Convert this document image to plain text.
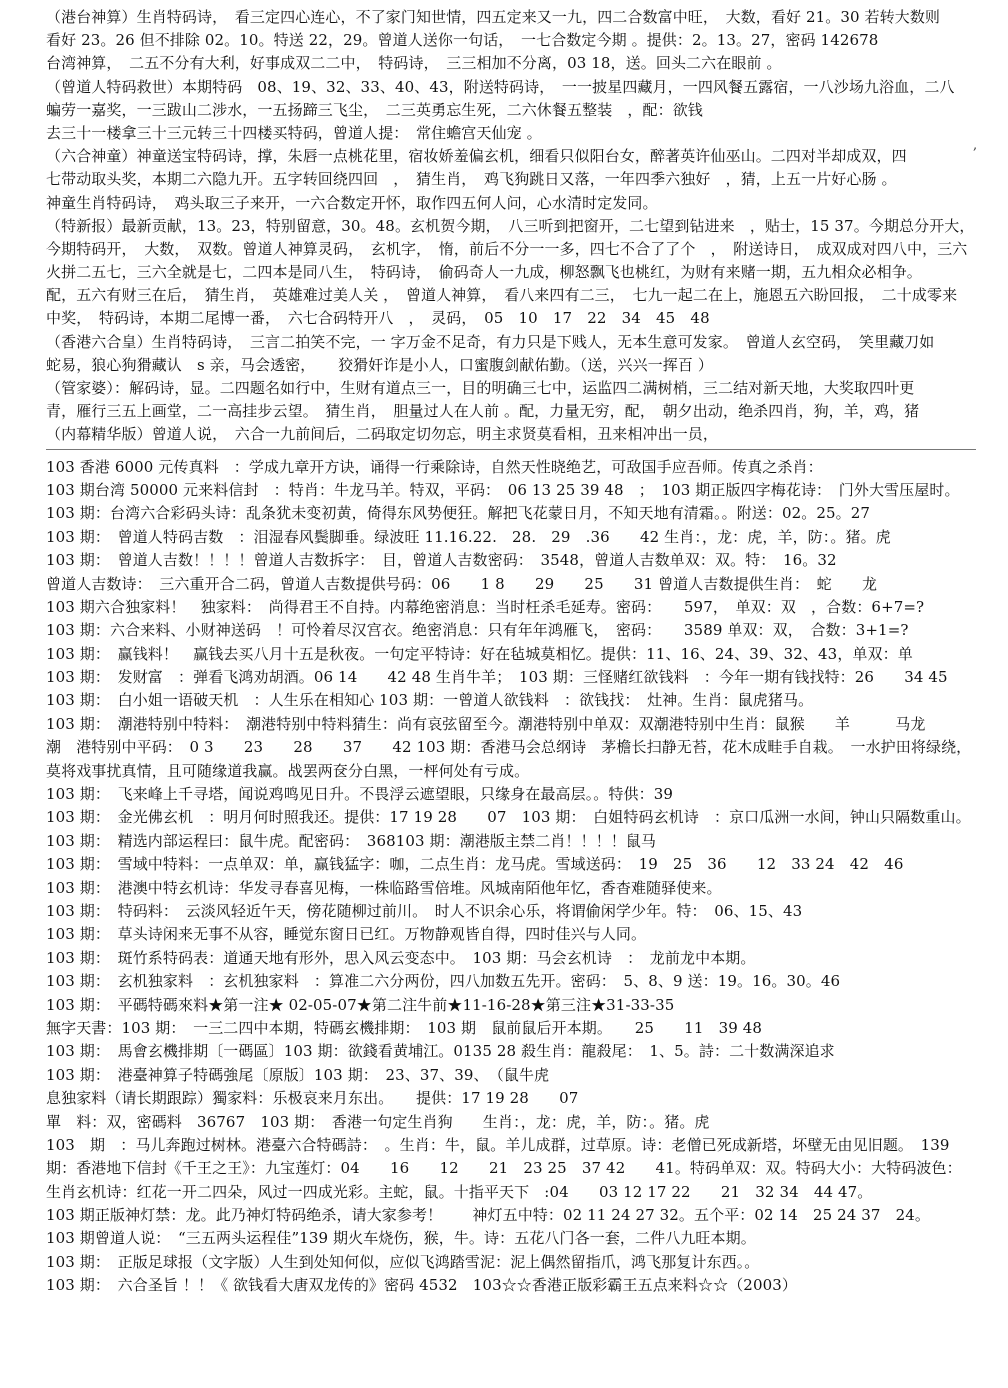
（港台神算）生肖特码诗，　看三定四心连心，不了家门知世情，四五定来又一九，四二合数富中旺，　大数，看好 21。30 若转大数则
看好 23。26 但不排除 02。10。特送 22，29。曾道人送你一句话，　一七合数定今期 。提供：2。13。27，密码 142678
台湾神算，　二五不分有大利，好事成双二二中，　特码诗，　三三相加不分离，03 18，送。回头二六在眼前 。
（曾道人特码救世）本期特码　08、19、32、33、40、43，附送特码诗，　一一披星四藏月，一四风餐五露宿，一八沙场九浴血，二八
蝙劳一嘉奖，一三跋山二涉水，一五扬蹄三飞尘，　二三英勇忘生死，二六休餐五整装　，配：欲钱
去三十一楼拿三十三元转三十四楼买特码，曾道人提：　常住蟾宫天仙宠 。
（六合神童）神童送宝特码诗，撑，朱唇一点桃花里，宿妆娇羞偏玄机，细看只似阳台女，醉著英许仙巫山。二四对半却成双，四
七带动取头奖，本期二六隐九开。五字转回绕四回　，　猜生肖，　鸡飞狗跳日又落，一年四季六独好　，猜，上五一片好心肠 。
神童生肖特码诗，　鸡头取三子来开，一六合数定开怀，取作四五何人问，心水清时定发同。
（特新报）最新贡献，13。23，特别留意，30。48。玄机贺今期，　八三听到把窗开，二七望到钻进来　，贴士，15 37。今期总分开大，
今期特码开，　大数，　双数。曾道人神算灵码，　玄机字，　惰，前后不分一一多，四七不合了了个　，　附送诗日，　成双成对四八中，三六
火拼二五七，三六全就是七，二四本是同八生，　特码诗，　偷码奇人一九成，柳怒飘飞也桃红，为财有来赌一期，五九相众必相争。
配，五六有财三在后，　猜生肖，　英雄难过美人关 ，　曾道人神算，　看八来四有二三，　七九一起二在上，施恩五六盼回报，　二十成零来
中奖，　特码诗，本期二尾博一番，　六七合码特开八　，　灵码，　05　10　17　22　34　45　48
（香港六合皇）生肖特码诗，　三言二拍笑不完，一 字万金不足奇，有力只是下贱人，无本生意可发家。　曾道人玄空码，　笑里藏刀如
蛇易，狼心狗猾藏认　s 亲，马会透密，　　狡猾奸诈是小人，口蜜腹剑献佑勤。（送，兴兴一挥百 ）
（管家婆）：解码诗，显。二四题名如行中，生财有道点三一，目的明确三七中，运监四二满树梢，三二结对新天地，大奖取四叶更
青，雁行三五上画堂，二一高挂步云望。　猜生肖，　胆量过人在人前 。配，力量无穷，配，　朝夕出动，绝杀四肖，狗，羊，鸡，猪
（内幕精华版）曾道人说，　六合一九前间后，二码取定切勿忘，明主求贤莫看相，丑来相冲出一员，
103 香港 6000 元传真料　：学成九章开方诀，诵得一行乘除诗，自然天性晓绝艺，可敌国手应吾师。传真之杀肖：
103 期台湾 50000 元来料信封　：特肖：牛龙马羊。特双，平码：　06 13 25 39 48　；　103 期正版四字梅花诗：　门外大雪压屋时。
103 期：台湾六合彩码头诗：乱条犹未变初黄，倚得东风势便狂。解把飞花蒙日月，不知天地有清霜。。附送：02。25。27
103 期：　曾道人特码吉数　：泪湿春风鬓脚垂。绿波旺 11.16.22.　28.　29　.36　　42 生肖：，龙：虎，羊，防：。猪。虎
103 期：　曾道人吉数！！！！曾道人吉数拆字：　目，曾道人吉数密码：　3548，曾道人吉数单双：双。特：　16。32
曾道人吉数诗：　三六重开合二码，曾道人吉数提供号码：06　　1 8　　29　　25　　31 曾道人吉数提供生肖：　蛇　　龙
103 期六合独家料！　独家料：　尚得君王不自持。内幕绝密消息：当时枉杀毛延寿。密码：　　597，　单双：双　，合数：6+7=?
103 期：六合来料、小财神送码　！可怜着尽汉宫衣。绝密消息：只有年年鸿雁飞，　密码：　　3589 单双：双，　合数：3+1=?
103 期：　赢钱料！　赢钱去买八月十五是秋夜。一句定平特诗：好在毡城莫相忆。提供：11、16、24、39、32、43，单双：单
103 期：　发财富　：弹看飞鸿劝胡酒。06 14　　42 48 生肖牛羊；　103 期：三怪赌红欲钱料　：今年一期有钱找特：26　　34 45
103 期：　白小姐一语破天机　：人生乐在相知心 103 期：一曾道人欲钱料　：欲钱找：　灶神。生肖：鼠虎猪马。
103 期：　潮港特别中特料：　潮港特别中特料猜生：尚有哀弦留至今。潮港特别中单双：双潮港特别中生肖：鼠猴　　羊　　　马龙
潮　港特别中平码：　0 3　　23　　28　　37　　42 103 期：香港马会总纲诗　茅檐长扫静无苔，花木成畦手自栽。　一水护田将绿绕，
莫将戏事扰真情，且可随缘道我赢。战罢两奁分白黑，一枰何处有亏成。
103 期：　飞来峰上千寻塔，闻说鸡鸣见日升。不畏浮云遮望眼，只缘身在最高层。。特供：39
103 期：　金光佛玄机　：明月何时照我还。提供：17 19 28　　07　103 期：　白姐特码玄机诗　：京口瓜洲一水间，钟山只隔数重山。
103 期：　精选内部运程曰：鼠牛虎。配密码：　368103 期：潮港版主禁二肖！！！！鼠马
103 期：　雪域中特料：一点单双：单，赢钱猛字：咖，二点生肖：龙马虎。雪域送码：　19　25　36　　12　33 24　42　46
103 期：　港澳中特玄机诗：华发寻春喜见梅，一株临路雪倍堆。风城南陌他年忆，香杳难随驿使来。
103 期：　特码料：　云淡风轻近午天，傍花随柳过前川。　时人不识余心乐，将谓偷闲学少年。特：　06、15、43
103 期：　草头诗闲来无事不从容，睡觉东窗日已红。万物静观皆自得，四时佳兴与人同。
103 期：　斑竹系特码表：道通天地有形外，思入风云变态中。　103 期：马会玄机诗　：　龙前龙中本期。
103 期：　玄机独家料　：玄机独家料　：算准二六分两份，四八加数五先开。密码：　5、8、9 送：19。16。30。46
103 期：　平碼特碼來料★第一注★ 02-05-07★第二注牛前★11-16-28★第三注★31-33-35
無字天書：103 期：　一三二四中本期，特碼玄機排期：　103 期　鼠前鼠后开本期。　　25　　11　39 48
103 期：　馬會玄機排期〔一碼區〕103 期：欲錢看黄埔江。0135 28 殺生肖：龍殺尾：　1、5。詩：二十数满深追求
103 期：　港臺神算子特碼強尾〔原版〕103 期：　23、37、39、　（鼠牛虎
息独家料（请长期跟踪）獨家料：乐极哀来月东出。　　提供：17 19 28　　07
單　料：双，密碼料　36767　103 期：　香港一句定生肖狗　　生肖：，龙：虎，羊，防：。猪。虎
103　期　：马儿奔跑过树林。港臺六合特碼詩：　。生肖：牛，鼠。羊儿成群，过草原。诗：老僧已死成新塔，坏壁无由见旧题。　139
期：香港地下信封《千王之王》：九宝莲灯：04　　16　　12　　21　23 25　37 42　　41。特码单双：双。特码大小：大特码波色：
生肖玄机诗：红花一开二四朵，风过一四成光彩。主蛇，鼠。十指平天下　:04　　03 12 17 22　　21　32 34　44 47。
103 期正版神灯禁：龙。此乃神灯特码绝杀，请大家参考！　　神灯五中特：02 11 24 27 32。五个平：02 14　25 24 37　24。
103 期曾道人说：　“三五两头运程佳”139 期火车烧伤，猴，牛。诗：五花八门各一套，二件八九旺本期。
103 期：　正版足球报（文字版）人生到处知何似，应似飞鸿踏雪泥：泥上偶然留指爪，鸿飞那复计东西。。
103 期：　六合圣旨 ！！《 欲钱看大唐双龙传的》密码 4532　103☆☆香港正版彩霸王五点来料☆☆（2003）
,
